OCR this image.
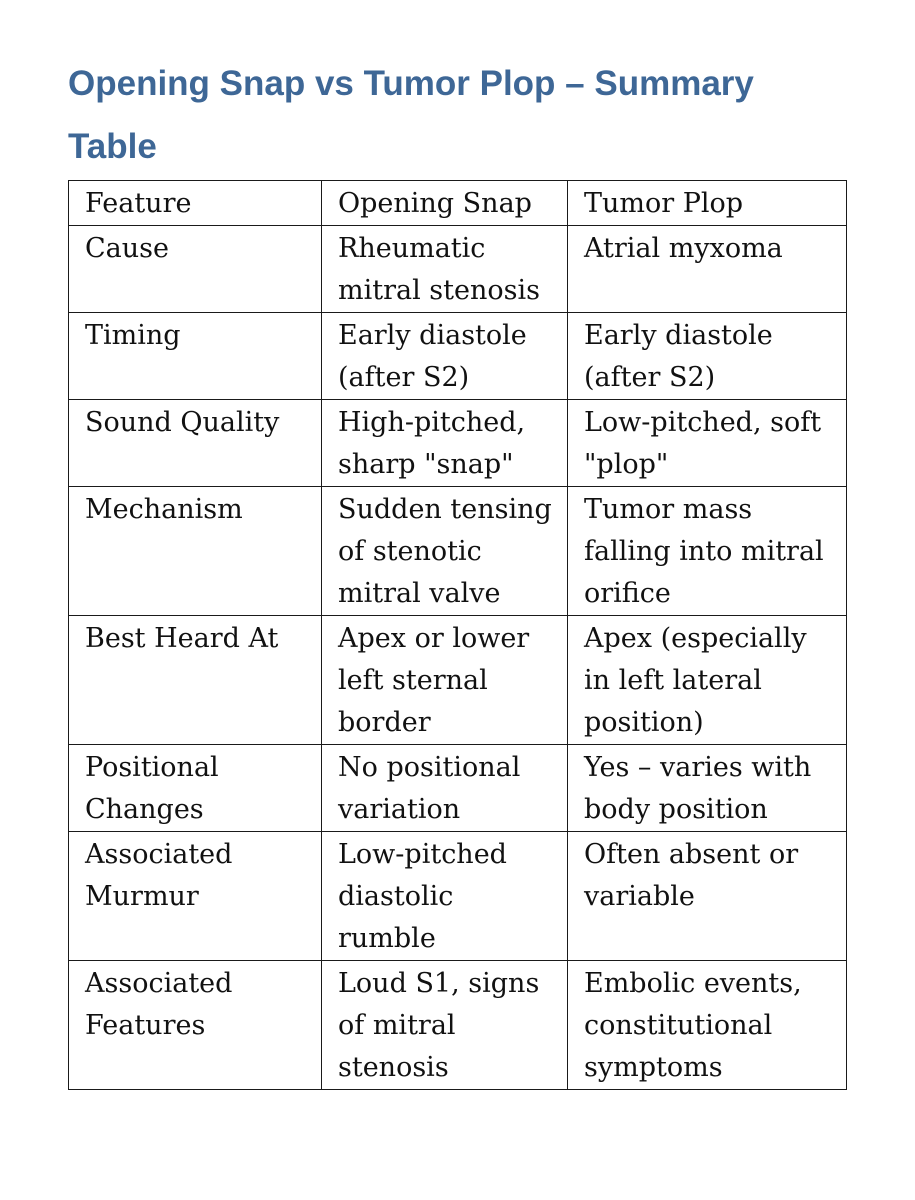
Opening Snap vs Tumor Plop – Summary Table
Feature	Opening Snap	Tumor Plop
Cause	Rheumatic mitral stenosis	Atrial myxoma
Timing	Early diastole (after S2)	Early diastole (after S2)
Sound Quality	High-pitched, sharp "snap"	Low-pitched, soft "plop"
Mechanism	Sudden tensing of stenotic mitral valve	Tumor mass falling into mitral orifice
Best Heard At	Apex or lower left sternal border	Apex (especially in left lateral position)
Positional Changes	No positional variation	Yes – varies with body position
Associated Murmur	Low-pitched diastolic rumble	Often absent or variable
Associated Features	Loud S1, signs of mitral stenosis	Embolic events, constitutional symptoms
